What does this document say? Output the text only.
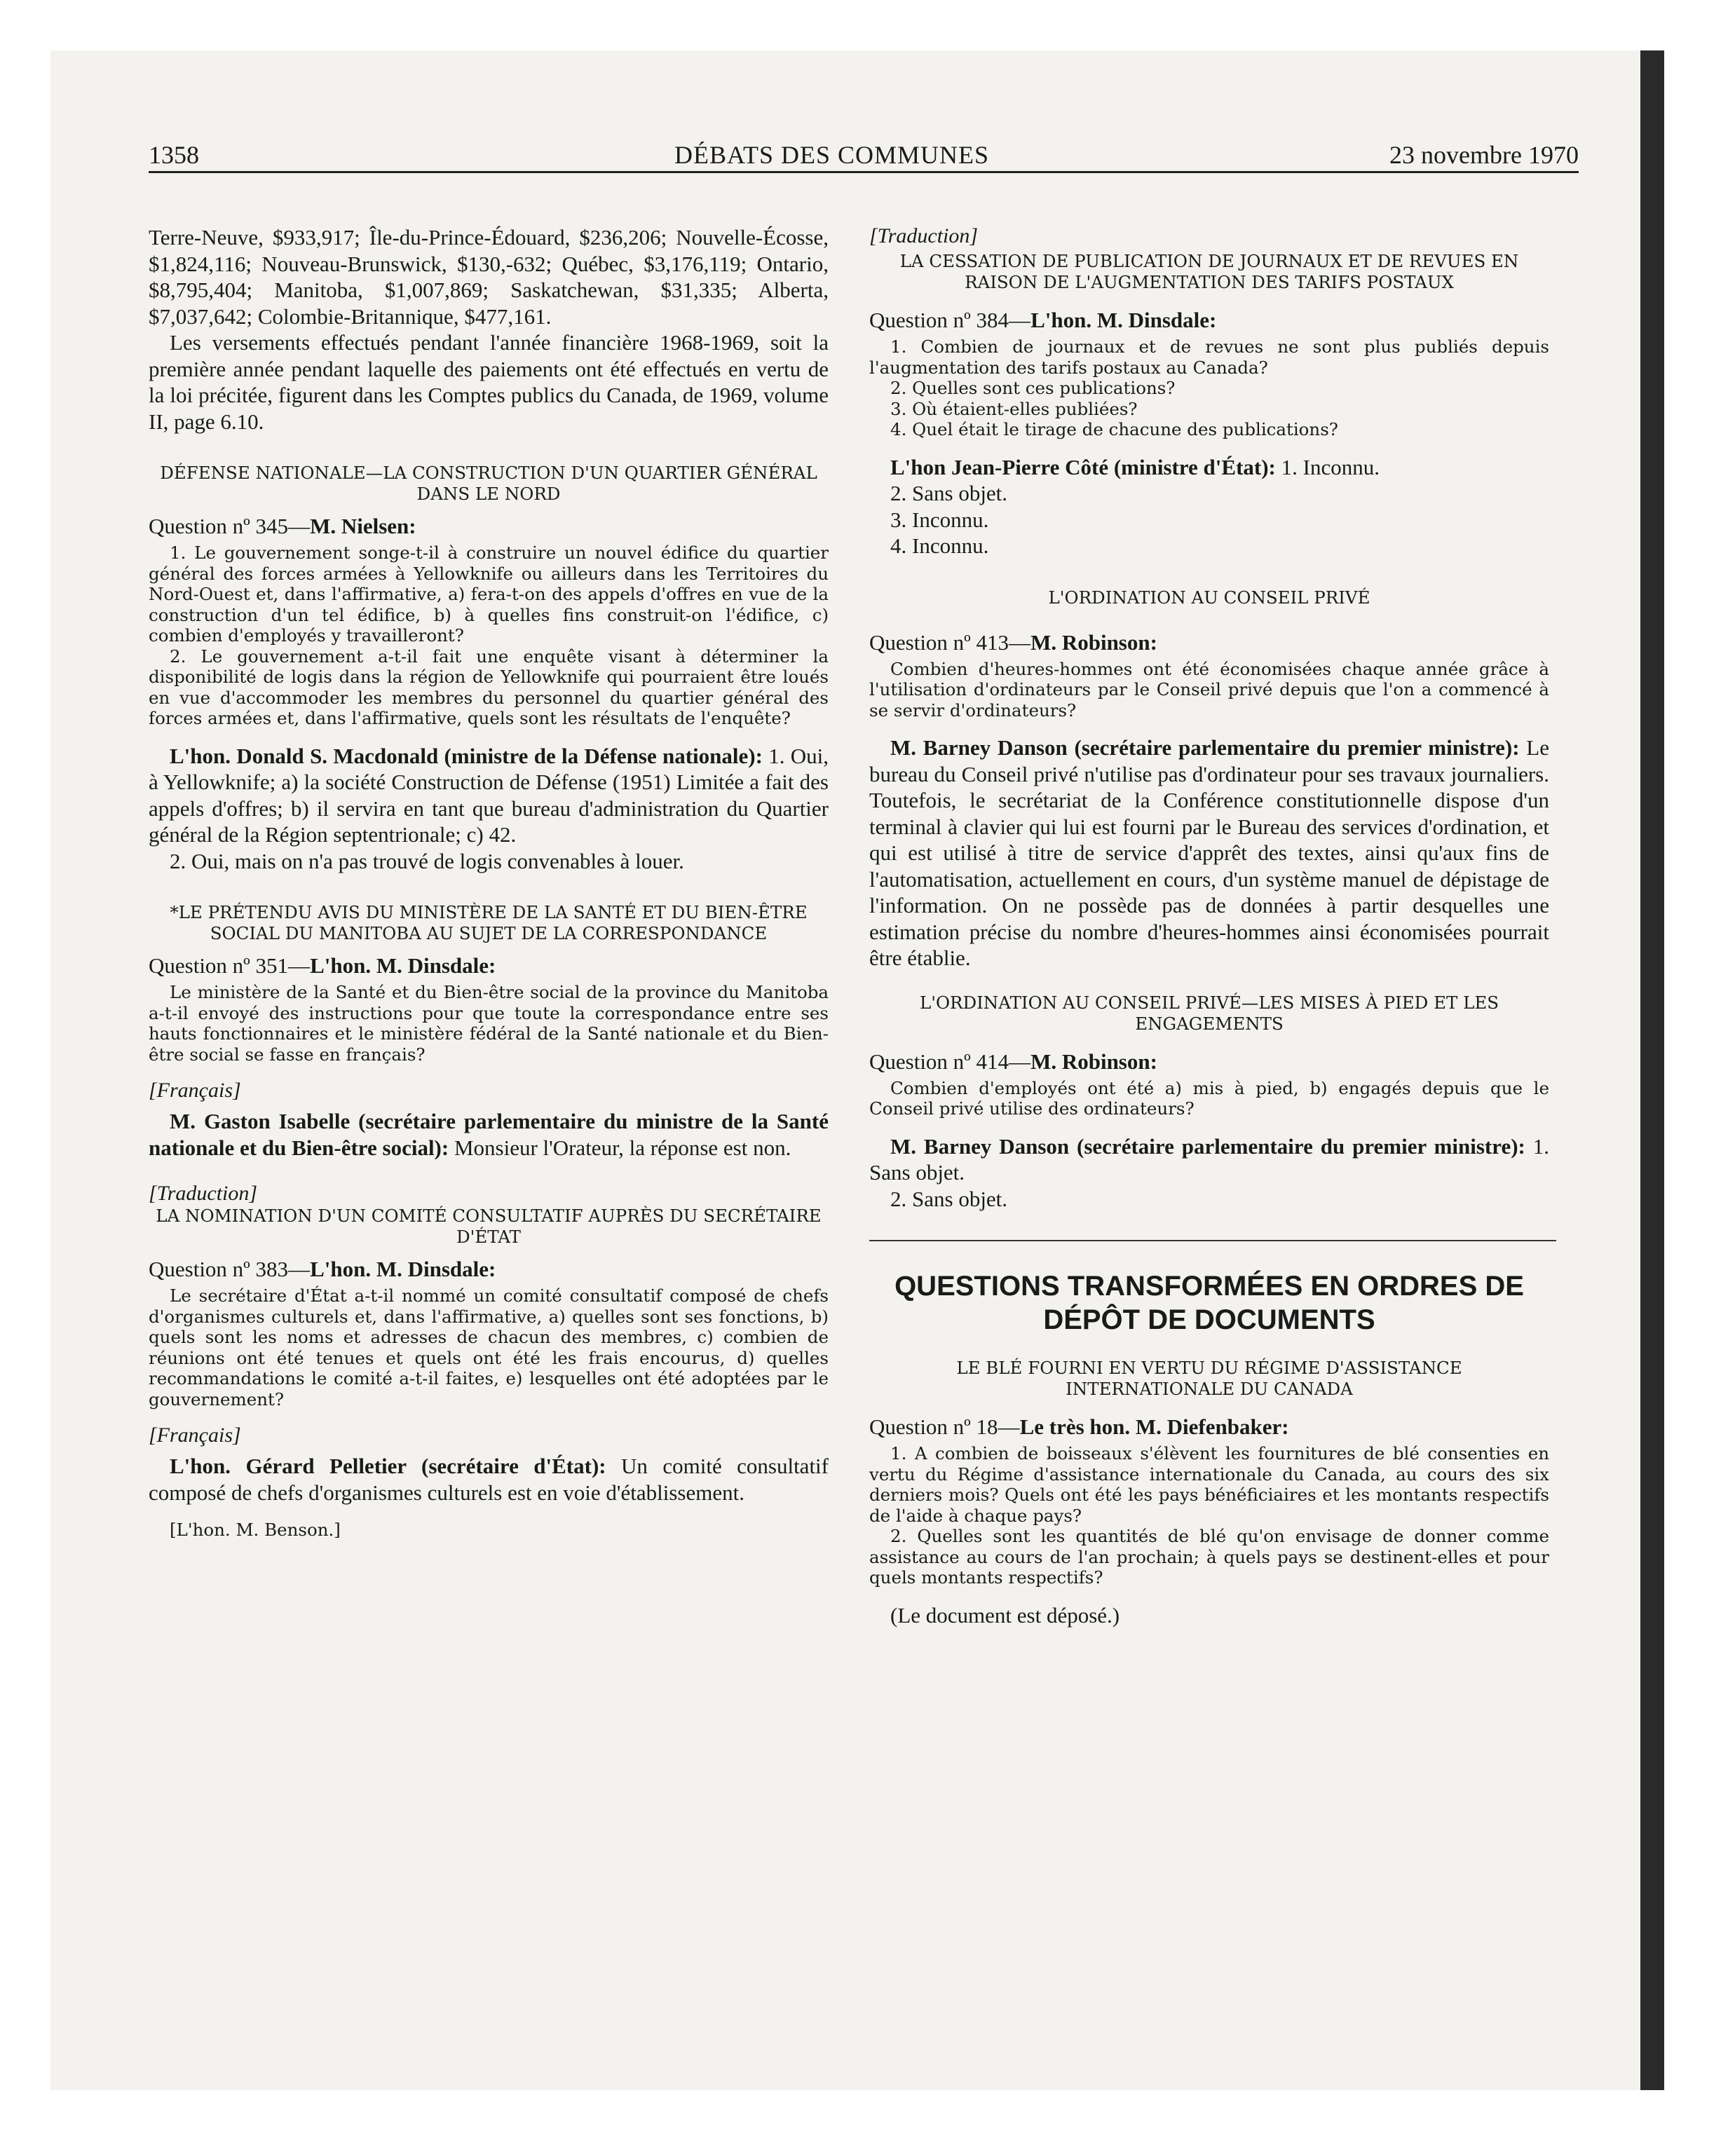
1358	DÉBATS DES COMMUNES	23 novembre 1970

Terre-Neuve, $933,917; Île-du-Prince-Édouard, $236,206; Nouvelle-Écosse, $1,824,116; Nouveau-Brunswick, $130,-632; Québec, $3,176,119; Ontario, $8,795,404; Manitoba, $1,007,869; Saskatchewan, $31,335; Alberta, $7,037,642; Colombie-Britannique, $477,161.

Les versements effectués pendant l'année financière 1968-1969, soit la première année pendant laquelle des paiements ont été effectués en vertu de la loi précitée, figurent dans les Comptes publics du Canada, de 1969, volume II, page 6.10.

DÉFENSE NATIONALE—LA CONSTRUCTION D'UN QUARTIER GÉNÉRAL DANS LE NORD

Question nº 345—M. Nielsen:

1. Le gouvernement songe-t-il à construire un nouvel édifice du quartier général des forces armées à Yellowknife ou ailleurs dans les Territoires du Nord-Ouest et, dans l'affirmative, a) fera-t-on des appels d'offres en vue de la construction d'un tel édifice, b) à quelles fins construit-on l'édifice, c) combien d'employés y travailleront?

2. Le gouvernement a-t-il fait une enquête visant à déterminer la disponibilité de logis dans la région de Yellowknife qui pourraient être loués en vue d'accommoder les membres du personnel du quartier général des forces armées et, dans l'affirmative, quels sont les résultats de l'enquête?

L'hon. Donald S. Macdonald (ministre de la Défense nationale): 1. Oui, à Yellowknife; a) la société Construction de Défense (1951) Limitée a fait des appels d'offres; b) il servira en tant que bureau d'administration du Quartier général de la Région septentrionale; c) 42.

2. Oui, mais on n'a pas trouvé de logis convenables à louer.

*LE PRÉTENDU AVIS DU MINISTÈRE DE LA SANTÉ ET DU BIEN-ÊTRE SOCIAL DU MANITOBA AU SUJET DE LA CORRESPONDANCE

Question nº 351—L'hon. M. Dinsdale:

Le ministère de la Santé et du Bien-être social de la province du Manitoba a-t-il envoyé des instructions pour que toute la correspondance entre ses hauts fonctionnaires et le ministère fédéral de la Santé nationale et du Bien-être social se fasse en français?

[Français]

M. Gaston Isabelle (secrétaire parlementaire du ministre de la Santé nationale et du Bien-être social): Monsieur l'Orateur, la réponse est non.

[Traduction]

LA NOMINATION D'UN COMITÉ CONSULTATIF AUPRÈS DU SECRÉTAIRE D'ÉTAT

Question nº 383—L'hon. M. Dinsdale:

Le secrétaire d'État a-t-il nommé un comité consultatif composé de chefs d'organismes culturels et, dans l'affirmative, a) quelles sont ses fonctions, b) quels sont les noms et adresses de chacun des membres, c) combien de réunions ont été tenues et quels ont été les frais encourus, d) quelles recommandations le comité a-t-il faites, e) lesquelles ont été adoptées par le gouvernement?

[Français]

L'hon. Gérard Pelletier (secrétaire d'État): Un comité consultatif composé de chefs d'organismes culturels est en voie d'établissement.

[L'hon. M. Benson.]

[Traduction]

LA CESSATION DE PUBLICATION DE JOURNAUX ET DE REVUES EN RAISON DE L'AUGMENTATION DES TARIFS POSTAUX

Question nº 384—L'hon. M. Dinsdale:

1. Combien de journaux et de revues ne sont plus publiés depuis l'augmentation des tarifs postaux au Canada?

2. Quelles sont ces publications?

3. Où étaient-elles publiées?

4. Quel était le tirage de chacune des publications?

L'hon Jean-Pierre Côté (ministre d'État): 1. Inconnu.

2. Sans objet.

3. Inconnu.

4. Inconnu.

L'ORDINATION AU CONSEIL PRIVÉ

Question nº 413—M. Robinson:

Combien d'heures-hommes ont été économisées chaque année grâce à l'utilisation d'ordinateurs par le Conseil privé depuis que l'on a commencé à se servir d'ordinateurs?

M. Barney Danson (secrétaire parlementaire du premier ministre): Le bureau du Conseil privé n'utilise pas d'ordinateur pour ses travaux journaliers. Toutefois, le secrétariat de la Conférence constitutionnelle dispose d'un terminal à clavier qui lui est fourni par le Bureau des services d'ordination, et qui est utilisé à titre de service d'apprêt des textes, ainsi qu'aux fins de l'automatisation, actuellement en cours, d'un système manuel de dépistage de l'information. On ne possède pas de données à partir desquelles une estimation précise du nombre d'heures-hommes ainsi économisées pourrait être établie.

L'ORDINATION AU CONSEIL PRIVÉ—LES MISES À PIED ET LES ENGAGEMENTS

Question nº 414—M. Robinson:

Combien d'employés ont été a) mis à pied, b) engagés depuis que le Conseil privé utilise des ordinateurs?

M. Barney Danson (secrétaire parlementaire du premier ministre): 1. Sans objet.

2. Sans objet.

QUESTIONS TRANSFORMÉES EN ORDRES DE DÉPÔT DE DOCUMENTS

LE BLÉ FOURNI EN VERTU DU RÉGIME D'ASSISTANCE INTERNATIONALE DU CANADA

Question nº 18—Le très hon. M. Diefenbaker:

1. A combien de boisseaux s'élèvent les fournitures de blé consenties en vertu du Régime d'assistance internationale du Canada, au cours des six derniers mois? Quels ont été les pays bénéficiaires et les montants respectifs de l'aide à chaque pays?

2. Quelles sont les quantités de blé qu'on envisage de donner comme assistance au cours de l'an prochain; à quels pays se destinent-elles et pour quels montants respectifs?

(Le document est déposé.)
